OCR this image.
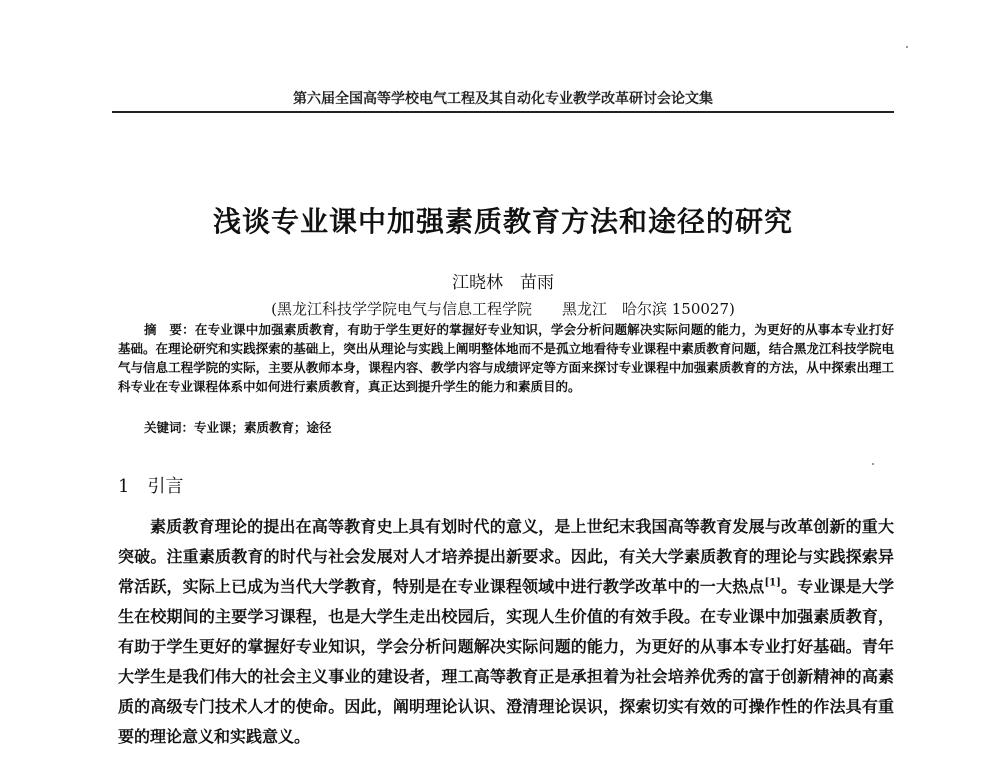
第六届全国高等学校电气工程及其自动化专业教学改革研讨会论文集
浅谈专业课中加强素质教育方法和途径的研究
江晓林　苗雨
(黑龙江科技学学院电气与信息工程学院　　黑龙江　哈尔滨 150027)
摘　要：在专业课中加强素质教育，有助于学生更好的掌握好专业知识，学会分析问题解决实际问题的能力，为更好的从事本专业打好基础。在理论研究和实践探索的基础上，突出从理论与实践上阐明整体地而不是孤立地看待专业课程中素质教育问题，结合黑龙江科技学院电气与信息工程学院的实际，主要从教师本身，课程内容、教学内容与成绩评定等方面来探讨专业课程中加强素质教育的方法，从中探索出理工科专业在专业课程体系中如何进行素质教育，真正达到提升学生的能力和素质目的。
关键词：专业课；素质教育；途径
1 引言
素质教育理论的提出在高等教育史上具有划时代的意义，是上世纪末我国高等教育发展与改革创新的重大突破。注重素质教育的时代与社会发展对人才培养提出新要求。因此，有关大学素质教育的理论与实践探索异常活跃，实际上已成为当代大学教育，特别是在专业课程领域中进行教学改革中的一大热点[1]。专业课是大学生在校期间的主要学习课程，也是大学生走出校园后，实现人生价值的有效手段。在专业课中加强素质教育，有助于学生更好的掌握好专业知识，学会分析问题解决实际问题的能力，为更好的从事本专业打好基础。青年大学生是我们伟大的社会主义事业的建设者，理工高等教育正是承担着为社会培养优秀的富于创新精神的高素质的高级专门技术人才的使命。因此，阐明理论认识、澄清理论误识，探索切实有效的可操作性的作法具有重要的理论意义和实践意义。
